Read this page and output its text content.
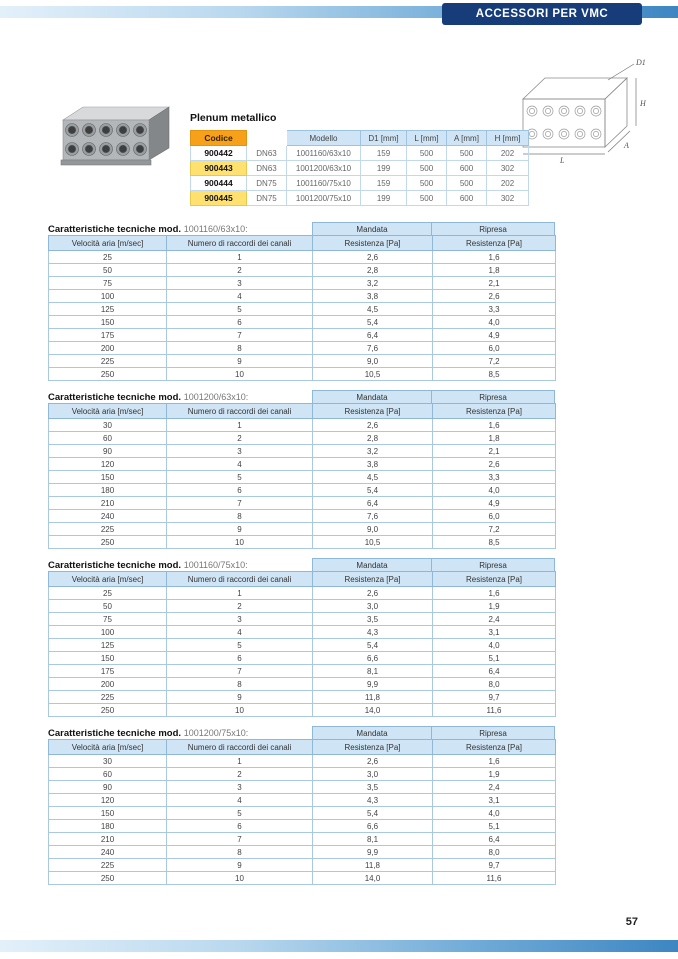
ACCESSORI PER VMC
D1
H
L
A
Plenum metallico
Codice		Modello	D1 [mm]	L [mm]	A [mm]	H [mm]
900442	DN63	1001160/63x10	159	500	500	202
900443	DN63	1001200/63x10	199	500	600	302
900444	DN75	1001160/75x10	159	500	500	202
900445	DN75	1001200/75x10	199	500	600	302
Caratteristiche tecniche mod. 1001160/63x10:	Mandata	Ripresa
Velocità aria [m/sec]	Numero di raccordi dei canali	Resistenza [Pa]	Resistenza [Pa]
25	1	2,6	1,6
50	2	2,8	1,8
75	3	3,2	2,1
100	4	3,8	2,6
125	5	4,5	3,3
150	6	5,4	4,0
175	7	6,4	4,9
200	8	7,6	6,0
225	9	9,0	7,2
250	10	10,5	8,5
Caratteristiche tecniche mod. 1001200/63x10:	Mandata	Ripresa
Velocità aria [m/sec]	Numero di raccordi dei canali	Resistenza [Pa]	Resistenza [Pa]
30	1	2,6	1,6
60	2	2,8	1,8
90	3	3,2	2,1
120	4	3,8	2,6
150	5	4,5	3,3
180	6	5,4	4,0
210	7	6,4	4,9
240	8	7,6	6,0
225	9	9,0	7,2
250	10	10,5	8,5
Caratteristiche tecniche mod. 1001160/75x10:	Mandata	Ripresa
Velocità aria [m/sec]	Numero di raccordi dei canali	Resistenza [Pa]	Resistenza [Pa]
25	1	2,6	1,6
50	2	3,0	1,9
75	3	3,5	2,4
100	4	4,3	3,1
125	5	5,4	4,0
150	6	6,6	5,1
175	7	8,1	6,4
200	8	9,9	8,0
225	9	11,8	9,7
250	10	14,0	11,6
Caratteristiche tecniche mod. 1001200/75x10:	Mandata	Ripresa
Velocità aria [m/sec]	Numero di raccordi dei canali	Resistenza [Pa]	Resistenza [Pa]
30	1	2,6	1,6
60	2	3,0	1,9
90	3	3,5	2,4
120	4	4,3	3,1
150	5	5,4	4,0
180	6	6,6	5,1
210	7	8,1	6,4
240	8	9,9	8,0
225	9	11,8	9,7
250	10	14,0	11,6
57
